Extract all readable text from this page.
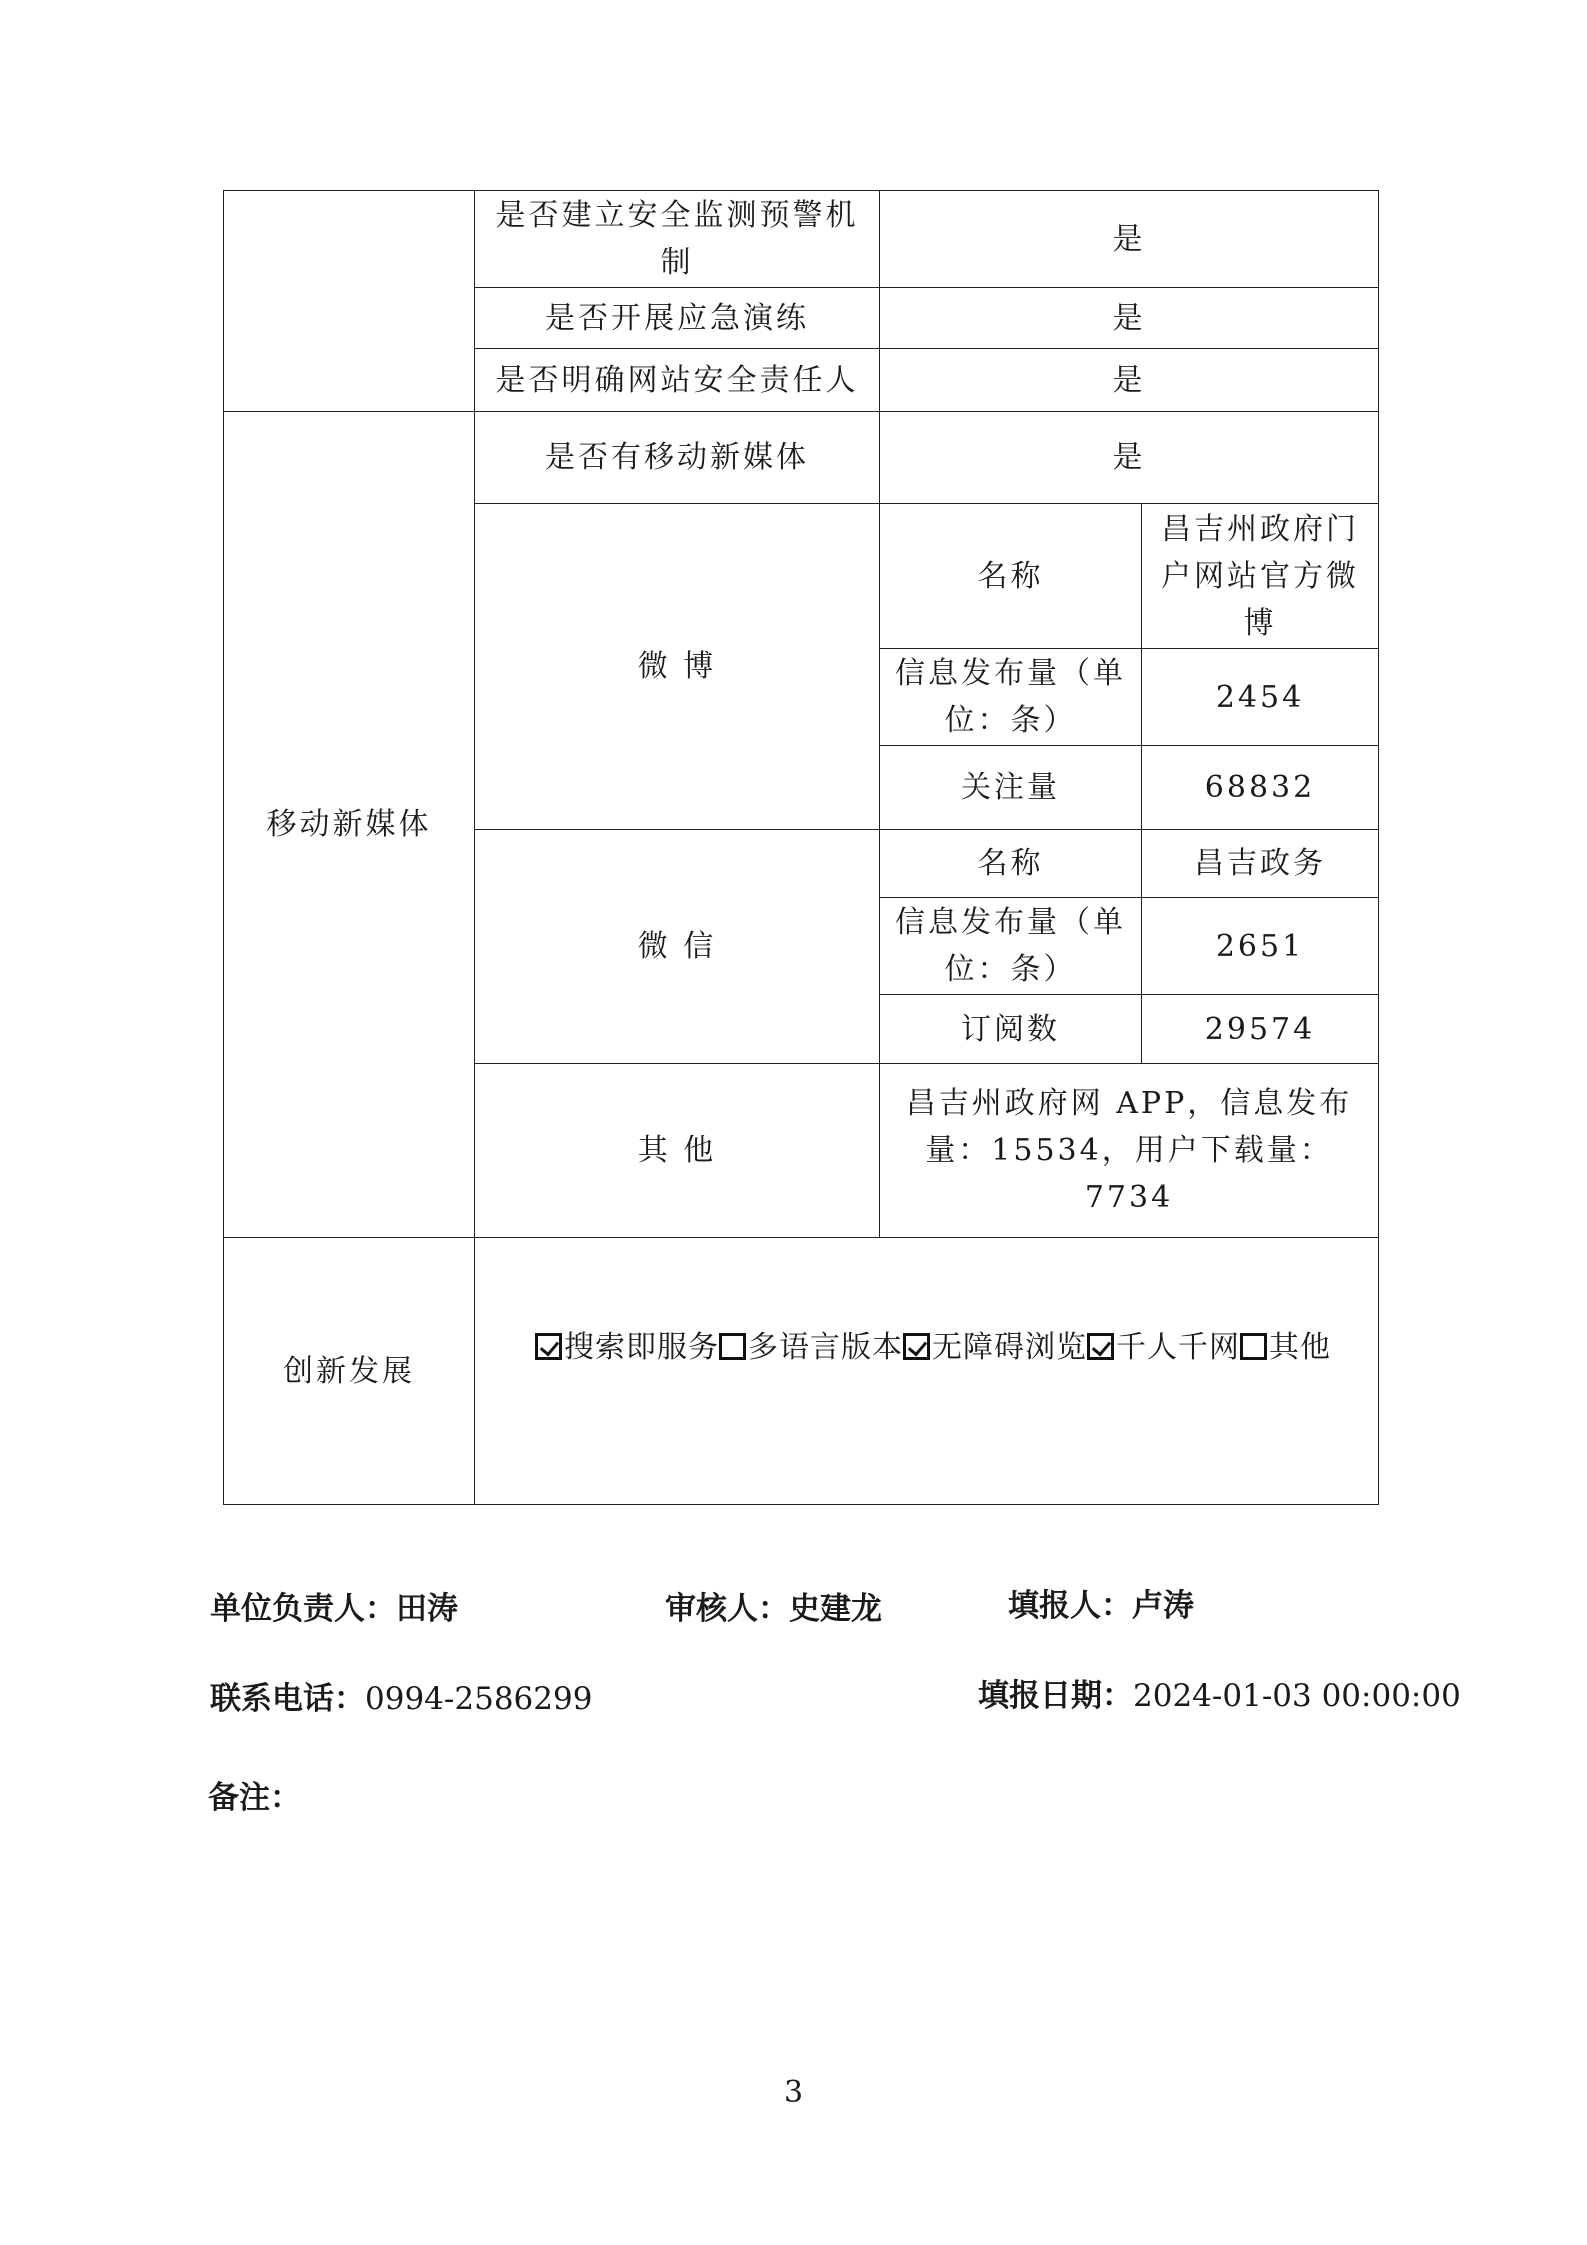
	是否建立安全监测预警机制	是	
	是否开展应急演练	是	
	是否明确网站安全责任人	是	
移动新媒体	是否有移动新媒体	是	
	微 博	名称	昌吉州政府门户网站官方微博
		信息发布量（单位：条）	2454
		关注量	68832
	微 信	名称	昌吉政务
		信息发布量（单位：条）	2651
		订阅数	29574
	其 他	昌吉州政府网 APP，信息发布量：15534，用户下载量： 7734	
创新发展	搜索即服务 多语言版本 无障碍浏览 千人千网 其他		
单位负责人：田涛	审核人：史建龙	填报人：卢涛
联系电话：0994-2586299	填报日期：2024-01-03 00:00:00
备注：
3
